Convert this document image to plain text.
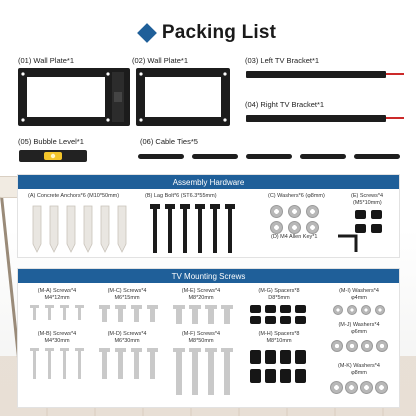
Packing List
(01) Wall Plate*1	(02) Wall Plate*1	(03) Left TV Bracket*1
(04) Right TV Bracket*1
(05) Bubble Level*1	(06) Cable Ties*5
Assembly Hardware
(A) Concrete Anchors*6 (M10*50mm)	(B) Lag Bolt*6 (ST6.3*55mm)	(C) Washers*6 (φ8mm)	(E) Screws*4
(M5*10mm)
(D) M4 Allen Key*1
TV Mounting Screws
(M-A) Screws*4
M4*12mm
(M-C) Screws*4
M6*15mm
(M-E) Screws*4
M8*20mm
(M-G) Spacers*8
D8*5mm
(M-I) Washers*4
φ4mm
(M-B) Screws*4
M4*30mm
(M-D) Screws*4
M6*30mm
(M-F) Screws*4
M8*50mm
(M-H) Spacers*8
M8*10mm
(M-J) Washers*4
φ6mm
(M-K) Washers*4
φ8mm
